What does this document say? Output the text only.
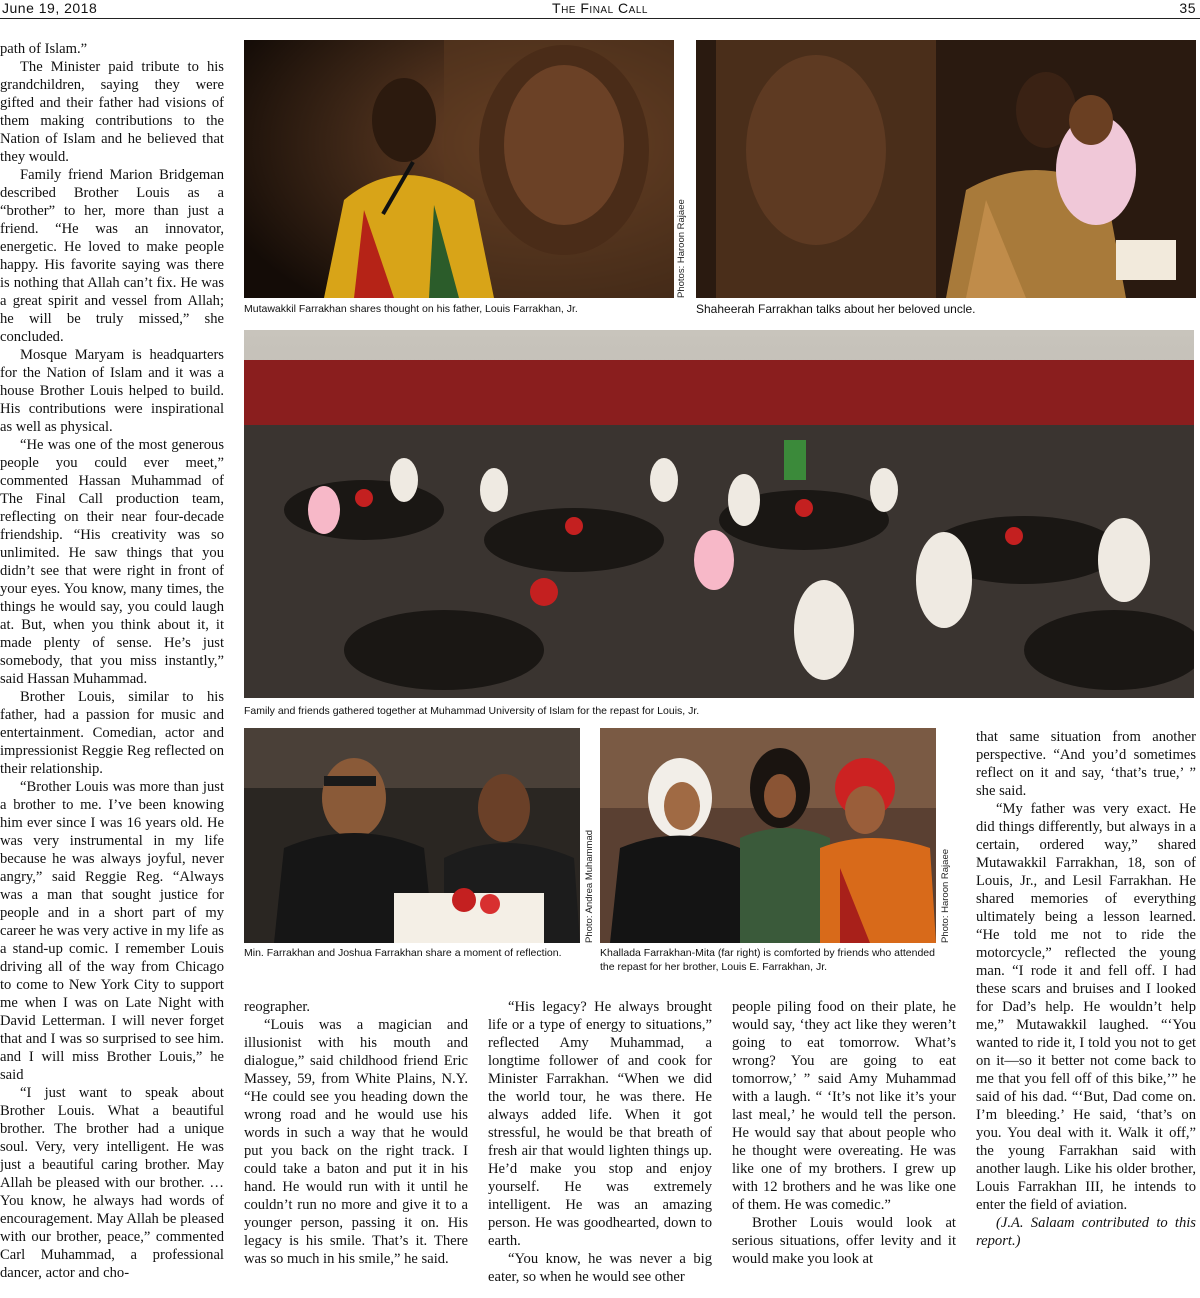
June 19, 2018	The Final Call	35

path of Islam.”

The Minister paid tribute to his grandchildren, saying they were gifted and their father had visions of them making contributions to the Nation of Islam and he believed that they would.

Family friend Marion Bridgeman described Brother Louis as a “brother” to her, more than just a friend. “He was an innovator, energetic. He loved to make people happy. His favorite saying was there is nothing that Allah can’t fix. He was a great spirit and vessel from Allah; he will be truly missed,” she concluded.

Mosque Maryam is headquarters for the Nation of Islam and it was a house Brother Louis helped to build. His contributions were inspirational as well as physical.

“He was one of the most generous people you could ever meet,” commented Hassan Muhammad of The Final Call production team, reflecting on their near four-decade friendship. “His creativity was so unlimited. He saw things that you didn’t see that were right in front of your eyes. You know, many times, the things he would say, you could laugh at. But, when you think about it, it made plenty of sense. He’s just somebody, that you miss instantly,” said Hassan Muhammad.

Brother Louis, similar to his father, had a passion for music and entertainment. Comedian, actor and impressionist Reggie Reg reflected on their relationship.

“Brother Louis was more than just a brother to me. I’ve been knowing him ever since I was 16 years old. He was very instrumental in my life because he was always joyful, never angry,” said Reggie Reg. “Always was a man that sought justice for people and in a short part of my career he was very active in my life as a stand-up comic. I remember Louis driving all of the way from Chicago to come to New York City to support me when I was on Late Night with David Letterman. I will never forget that and I was so surprised to see him. and I will miss Brother Louis,” he said

“I just want to speak about Brother Louis. What a beautiful brother. The brother had a unique soul. Very, very intelligent. He was just a beautiful caring brother. May Allah be pleased with our brother. … You know, he always had words of encouragement. May Allah be pleased with our brother, peace,” commented Carl Muhammad, a professional dancer, actor and cho-

Photos: Haroon Rajaee
Mutawakkil Farrakhan shares thought on his father, Louis Farrakhan, Jr.	Shaheerah Farrakhan talks about her beloved uncle.
Family and friends gathered together at Muhammad University of Islam for the repast for Louis, Jr.
Photo: Andrea Muhammad
Min. Farrakhan and Joshua Farrakhan share a moment of reflection.
Photo: Haroon Rajaee
Khallada Farrakhan-Mita (far right) is comforted by friends who attended the repast for her brother, Louis E. Farrakhan, Jr.

reographer.

“Louis was a magician and illusionist with his mouth and dialogue,” said childhood friend Eric Massey, 59, from White Plains, N.Y. “He could see you heading down the wrong road and he would use his words in such a way that he would put you back on the right track. I could take a baton and put it in his hand. He would run with it until he couldn’t run no more and give it to a younger person, passing it on. His legacy is his smile. That’s it. There was so much in his smile,” he said.

“His legacy? He always brought life or a type of energy to situations,” reflected Amy Muhammad, a longtime follower of and cook for Minister Farrakhan. “When we did the world tour, he was there. He always added life. When it got stressful, he would be that breath of fresh air that would lighten things up. He’d make you stop and enjoy yourself. He was extremely intelligent. He was an amazing person. He was goodhearted, down to earth.

“You know, he was never a big eater, so when he would see other

people piling food on their plate, he would say, ‘they act like they weren’t going to eat tomorrow. What’s wrong? You are going to eat tomorrow,’ ” said Amy Muhammad with a laugh. “ ‘It’s not like it’s your last meal,’ he would tell the person. He would say that about people who he thought were overeating. He was like one of my brothers. I grew up with 12 brothers and he was like one of them. He was comedic.”

Brother Louis would look at serious situations, offer levity and it would make you look at

that same situation from another perspective. “And you’d sometimes reflect on it and say, ‘that’s true,’ ” she said.

“My father was very exact. He did things differently, but always in a certain, ordered way,” shared Mutawakkil Farrakhan, 18, son of Louis, Jr., and Lesil Farrakhan. He shared memories of everything ultimately being a lesson learned. “He told me not to ride the motorcycle,” reflected the young man. “I rode it and fell off. I had these scars and bruises and I looked for Dad’s help. He wouldn’t help me,” Mutawakkil laughed. “‘You wanted to ride it, I told you not to get on it—so it better not come back to me that you fell off of this bike,’” he said of his dad. “‘But, Dad come on. I’m bleeding.’ He said, ‘that’s on you. You deal with it. Walk it off,” the young Farrakhan said with another laugh. Like his older brother, Louis Farrakhan III, he intends to enter the field of aviation.

(J.A. Salaam contributed to this report.)
